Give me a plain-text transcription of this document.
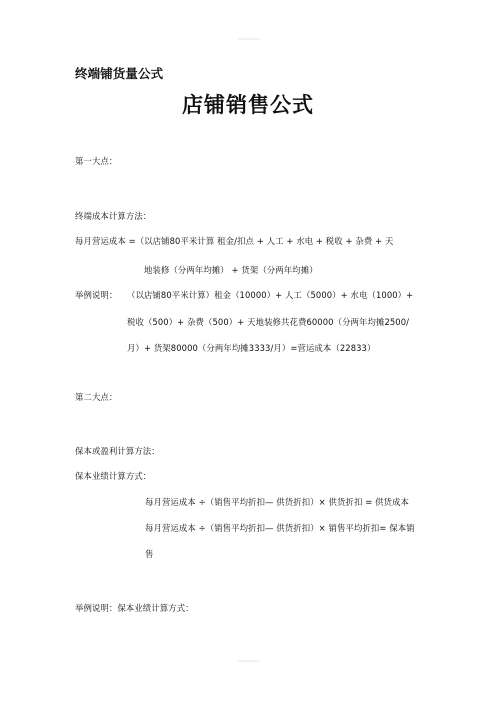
终端铺货量公式
店铺销售公式
第一大点：
终端成本计算方法：
每月营运成本 =（以店铺80平米计算 租金/扣点 + 人工 + 水电 + 税收 + 杂费 + 天
地装修（分两年均摊） + 货架（分两年均摊）
举例说明： （以店铺80平米计算）租金（10000）+ 人工（5000）+ 水电（1000）+
税收（500）+ 杂费（500）+ 天地装修共花费60000（分两年均摊2500/
月）+ 货架80000（分两年均摊3333/月）=营运成本（22833）
第二大点：
保本或盈利计算方法：
保本业绩计算方式：
每月营运成本 ÷（销售平均折扣— 供货折扣）× 供货折扣 = 供货成本
每月营运成本 ÷（销售平均折扣— 供货折扣）× 销售平均折扣= 保本销
售
举例说明：保本业绩计算方式：
